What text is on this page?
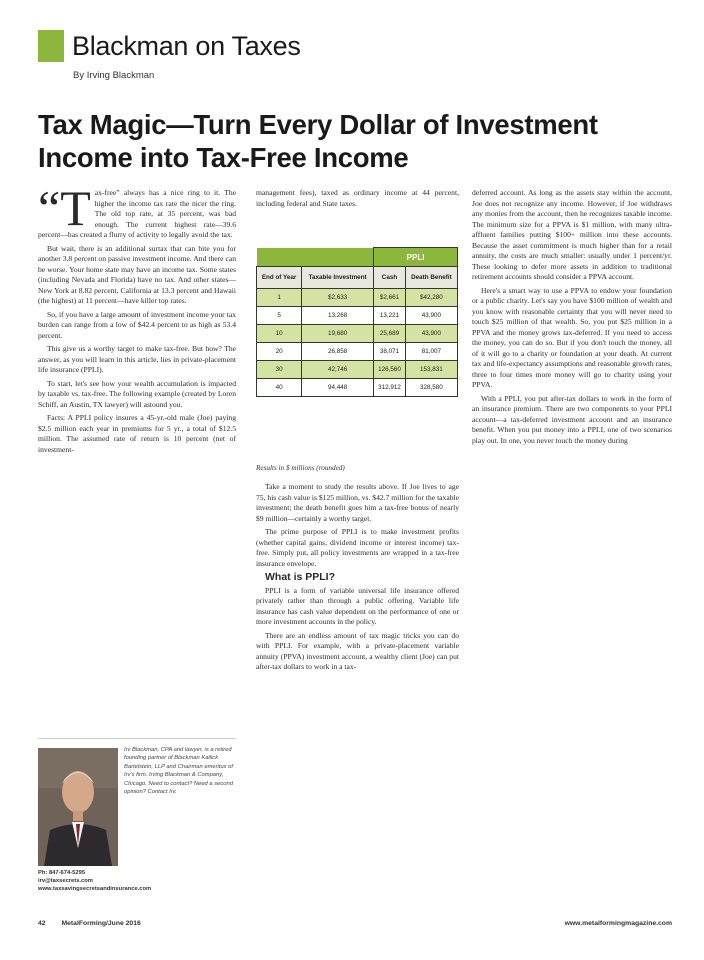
Blackman on Taxes
By Irving Blackman
Tax Magic—Turn Every Dollar of Investment Income into Tax-Free Income

“Tax-free” always has a nice ring to it. The higher the income tax rate the nicer the ring. The old top rate, at 35 percent, was bad enough. The current highest rate—39.6 percent—has created a flurry of activity to legally avoid the tax.

But wait, there is an additional surtax that can bite you for another 3.8 percent on passive investment income. And there can be worse. Your home state may have an income tax. Some states (including Nevada and Florida) have no tax. And other states—New York at 8.82 percent, California at 13.3 percent and Hawaii (the highest) at 11 percent—have killer top rates.

So, if you have a large amount of investment income your tax burden can range from a low of $42.4 percent to as high as 53.4 percent.

This give us a worthy target to make tax-free. But how? The answer, as you will learn in this article, lies in private-placement life insurance (PPLI).

To start, let's see how your wealth accumulation is impacted by taxable vs. tax-free. The following example (created by Loren Schiff, an Austin, TX lawyer) will astound you.

Facts: A PPLI policy insures a 45-yr.-old male (Joe) paying $2.5 million each year in premiums for 5 yr., a total of $12.5 million. The assumed rate of return is 10 percent (net of investment-

Irv Blackman, CPA and lawyer, is a retired founding partner of Blackman Kallick Bartelstein, LLP and Chairman emeritus of Irv’s firm. Irving Blackman & Company, Chicago. Need to contact? Need a second opinion? Contact Irv.
Ph: 847-674-5295
irv@taxsecrets.com
www.taxsavingsecretsandinsurance.com

management fees), taxed as ordinary income at 44 percent, including federal and State taxes.

		PPLI	
End of Year	Taxable Investment	Cash	Death Benefit
1	$2,633	$2,661	$42,280
5	13,268	13,221	43,900
10	19,680	25,689	43,900
20	26,858	38,071	81,007
30	42,746	126,560	153,831
40	94,448	312,912	328,580
Results in $ millions (rounded)

Take a moment to study the results above. If Joe lives to age 75, his cash value is $125 million, vs. $42.7 million for the taxable investment; the death benefit goes him a tax-free bonus of nearly $9 million—certainly a worthy target.

The prime purpose of PPLI is to make investment profits (whether capital gains, dividend income or interest income) tax-free. Simply put, all policy investments are wrapped in a tax-free insurance envelope.

What is PPLI?

PPLI is a form of variable universal life insurance offered privately rather than through a public offering. Variable life insurance has cash value dependent on the performance of one or more investment accounts in the policy.

There are an endless amount of tax magic tricks you can do with PPLI. For example, with a private-placement variable annuity (PPVA) investment account, a wealthy client (Joe) can put after-tax dollars to work in a tax-

deferred account. As long as the assets stay within the account, Joe does not recognize any income. However, if Joe withdraws any monies from the account, then he recognizes taxable income. The minimum size for a PPVA is $1 million, with many ultra-affluent families putting $100+ million into these accounts. Because the asset commitment is much higher than for a retail annuity, the costs are much smaller: usually under 1 percent/yr. These looking to defer more assets in addition to traditional retirement accounts should consider a PPVA account.

Here's a smart way to use a PPVA to endow your foundation or a public charity. Let's say you have $100 million of wealth and you know with reasonable certainty that you will never need to touch $25 million of that wealth. So, you put $25 million in a PPVA and the money grows tax-deferred. If you need to access the money, you can do so. But if you don't touch the money, all of it will go to a charity or foundation at your death. At current tax and life-expectancy assumptions and reasonable growth rates, three to four times more money will go to charity using your PPVA.

With a PPLI, you put after-tax dollars to work in the form of an insurance premium. There are two components to your PPLI account—a tax-deferred investment account and an insurance benefit. When you put money into a PPLI, one of two scenarios play out. In one, you never touch the money during

42 MetalForming/June 2016	www.metalformingmagazine.com
